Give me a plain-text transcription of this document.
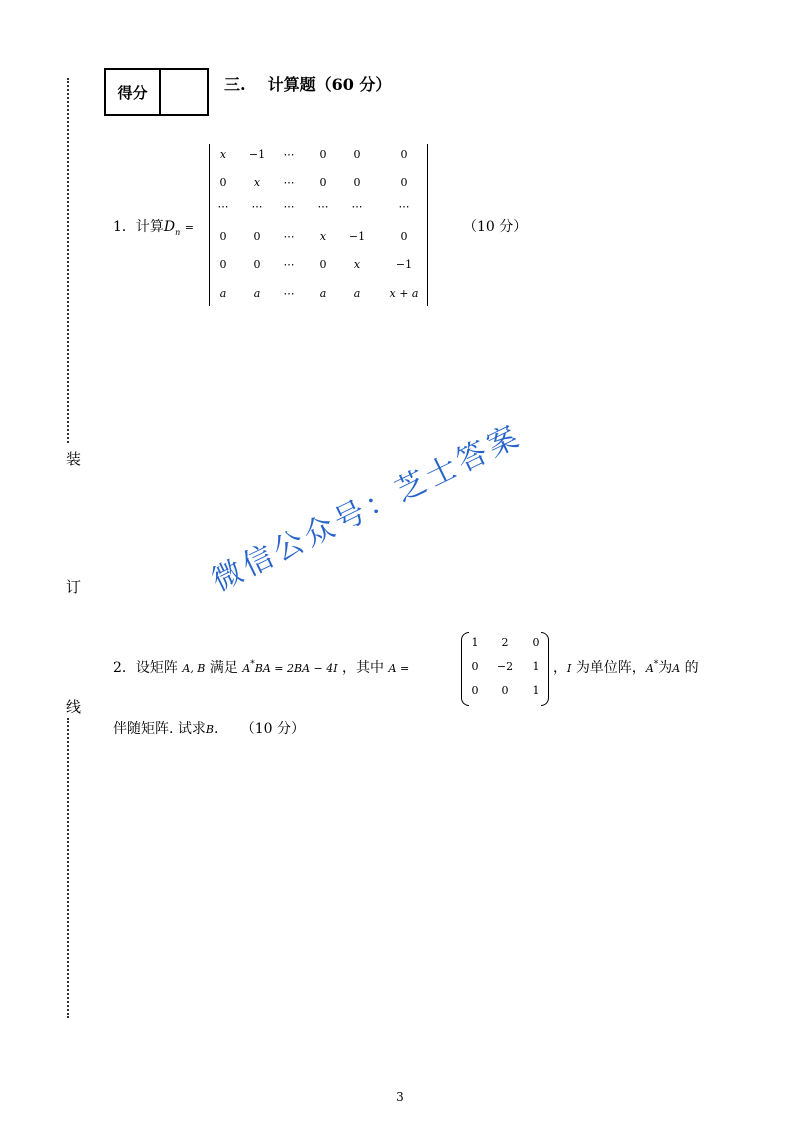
装
订
线
得分	三. 计算题（60 分）
1．计算$D_n$ =
x	−1	⋯	0	0	0
0	x	⋯	0	0	0
⋯	⋯	⋯	⋯	⋯	⋯
0	0	⋯	x	−1	0
0	0	⋯	0	x	−1
a	a	⋯	a	a	x + a
（10 分）
微信公众号：芝士答案
2．设矩阵 A, B 满足 A*BA = 2BA − 4I ，其中 A =
1	2	0
0	−2	1
0	0	1
，I 为单位阵，A*为A 的
伴随矩阵. 试求B. （10 分）
3
